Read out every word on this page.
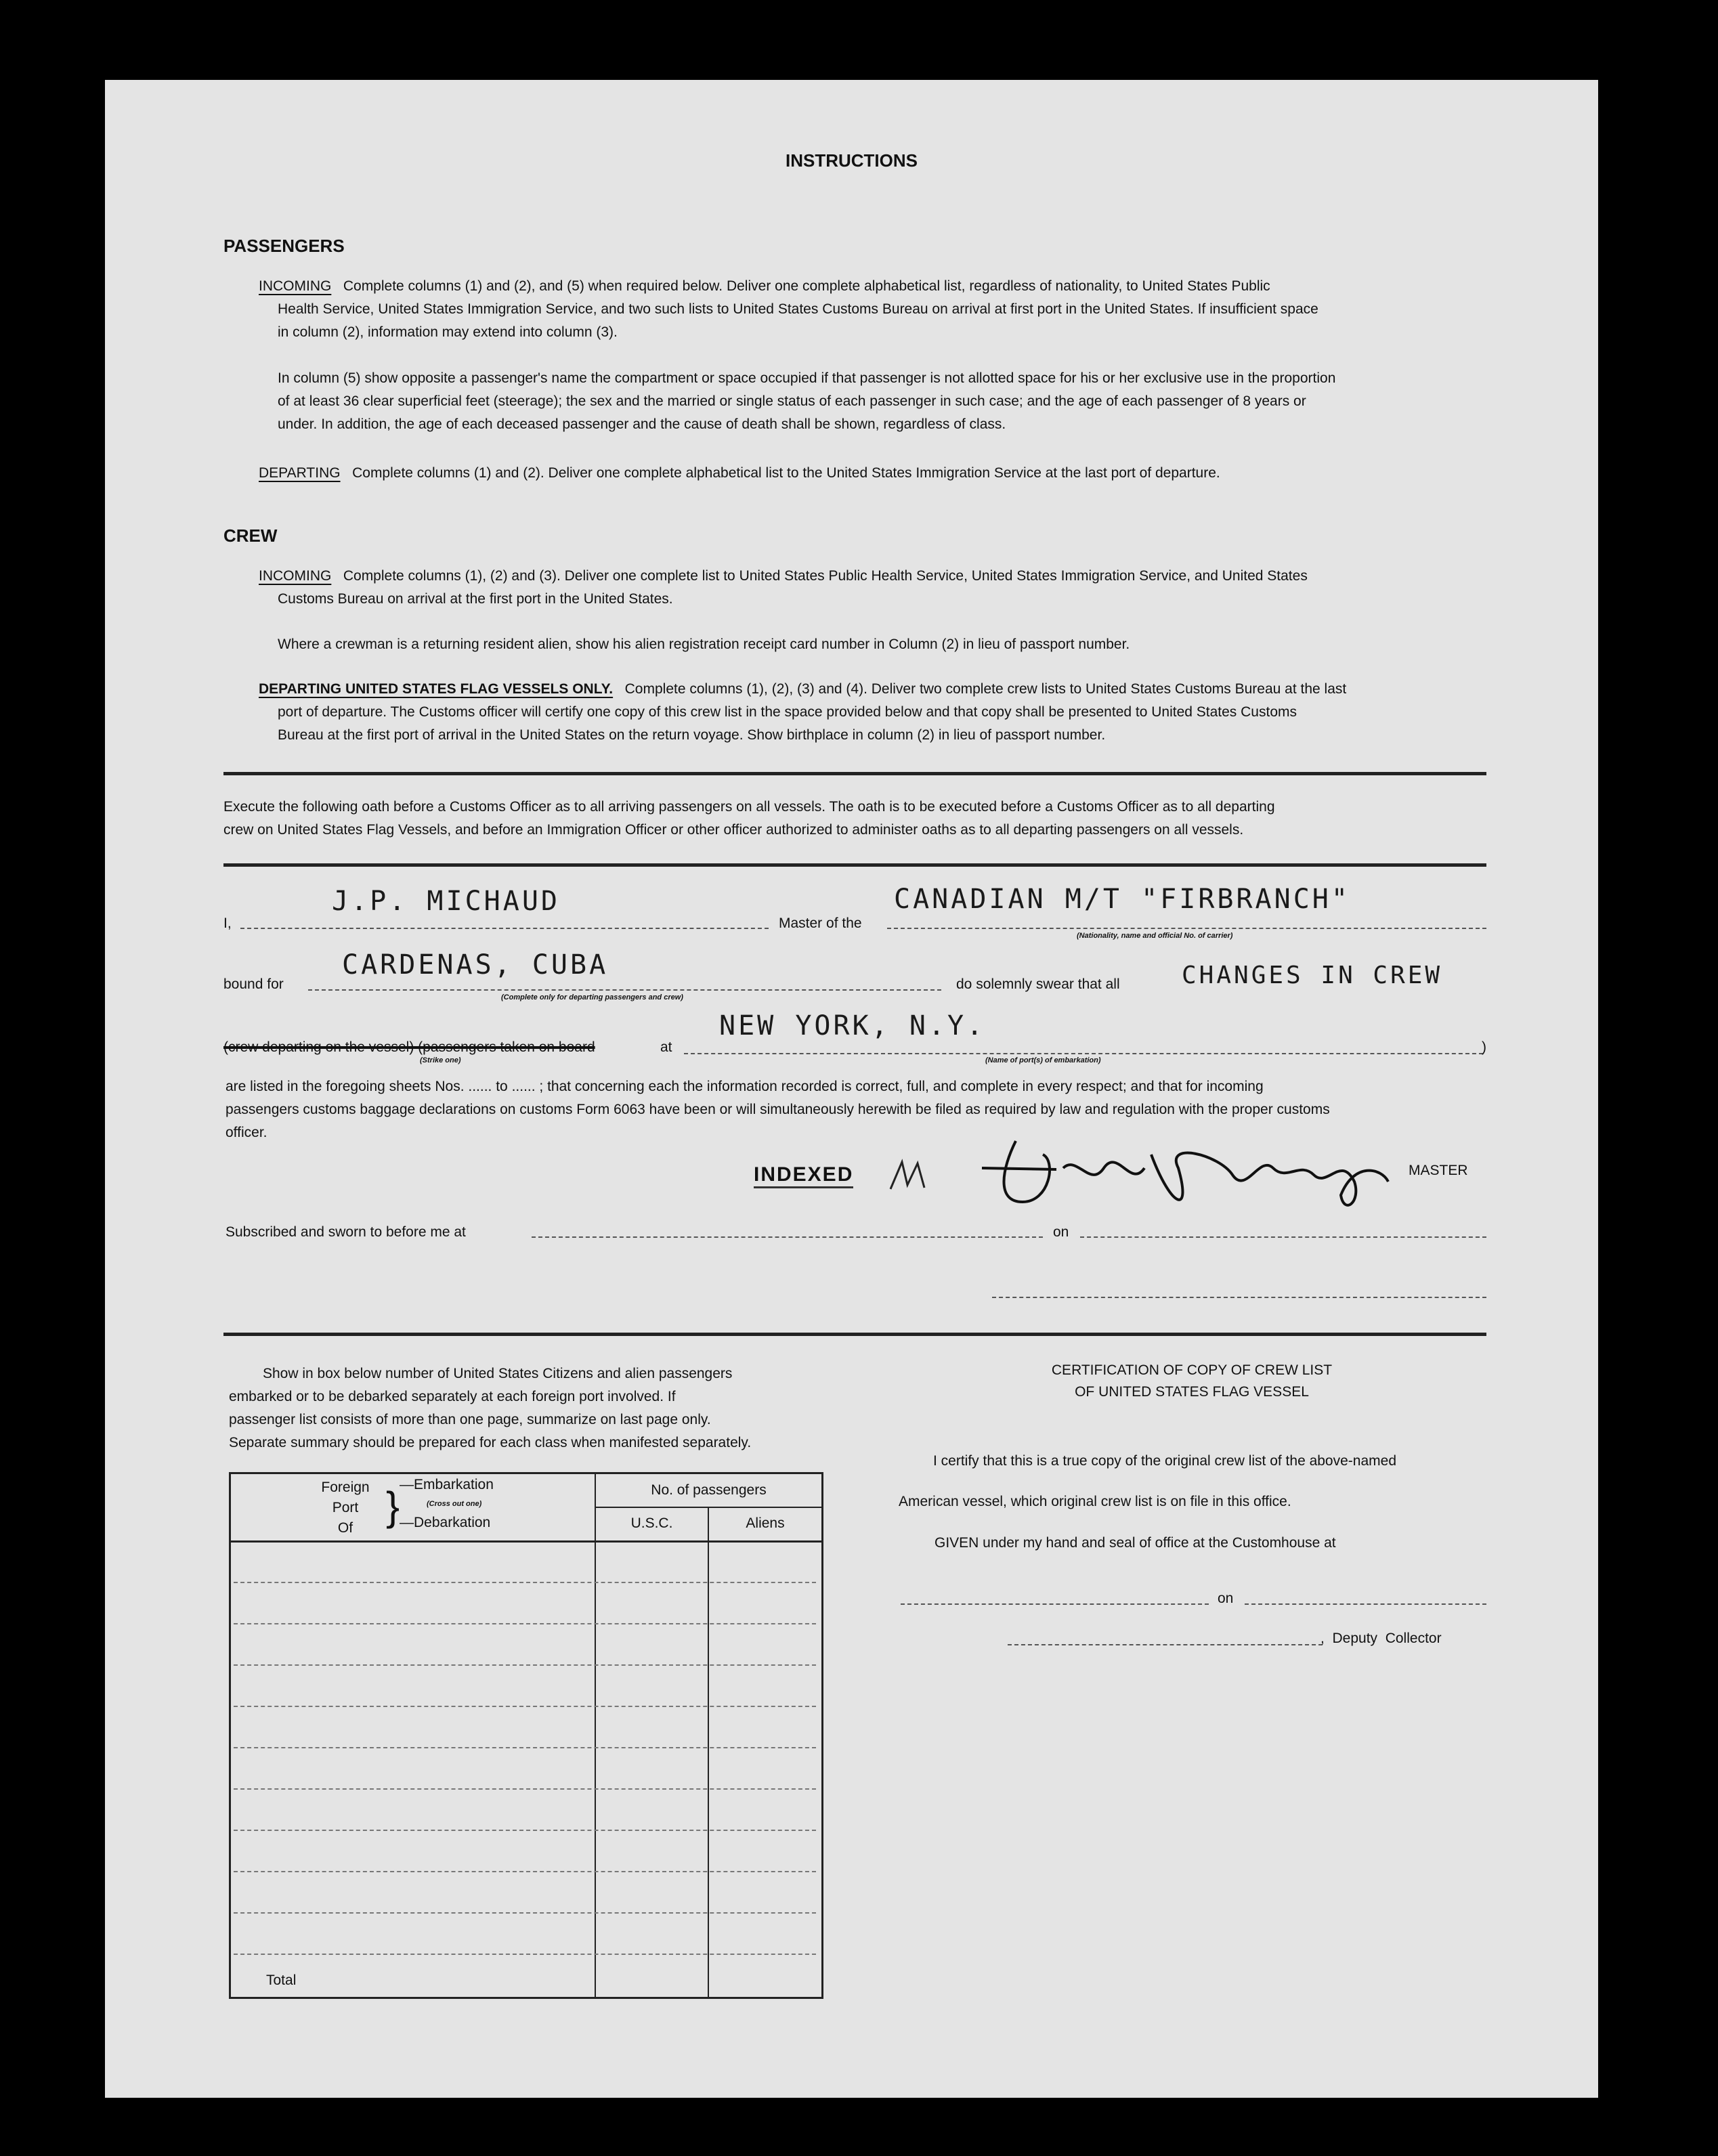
INSTRUCTIONS
PASSENGERS
INCOMING Complete columns (1) and (2), and (5) when required below. Deliver one complete alphabetical list, regardless of nationality, to United States Public
Health Service, United States Immigration Service, and two such lists to United States Customs Bureau on arrival at first port in the United States. If insufficient space
in column (2), information may extend into column (3).
In column (5) show opposite a passenger's name the compartment or space occupied if that passenger is not allotted space for his or her exclusive use in the proportion
of at least 36 clear superficial feet (steerage); the sex and the married or single status of each passenger in such case; and the age of each passenger of 8 years or
under. In addition, the age of each deceased passenger and the cause of death shall be shown, regardless of class.
DEPARTING Complete columns (1) and (2). Deliver one complete alphabetical list to the United States Immigration Service at the last port of departure.
CREW
INCOMING Complete columns (1), (2) and (3). Deliver one complete list to United States Public Health Service, United States Immigration Service, and United States
Customs Bureau on arrival at the first port in the United States.
Where a crewman is a returning resident alien, show his alien registration receipt card number in Column (2) in lieu of passport number.
DEPARTING UNITED STATES FLAG VESSELS ONLY. Complete columns (1), (2), (3) and (4). Deliver two complete crew lists to United States Customs Bureau at the last
port of departure. The Customs officer will certify one copy of this crew list in the space provided below and that copy shall be presented to United States Customs
Bureau at the first port of arrival in the United States on the return voyage. Show birthplace in column (2) in lieu of passport number.
Execute the following oath before a Customs Officer as to all arriving passengers on all vessels. The oath is to be executed before a Customs Officer as to all departing
crew on United States Flag Vessels, and before an Immigration Officer or other officer authorized to administer oaths as to all departing passengers on all vessels.
I,
J.P. MICHAUD
Master of the
CANADIAN M/T "FIRBRANCH"
(Nationality, name and official No. of carrier)
bound for
CARDENAS, CUBA
(Complete only for departing passengers and crew)
do solemnly swear that all	CHANGES IN CREW
(crew departing on the vessel) (passengers taken on board	at
NEW YORK, N.Y.
(Strike one)	(Name of port(s) of embarkation)
)
are listed in the foregoing sheets Nos. ...... to ...... ; that concerning each the information recorded is correct, full, and complete in every respect; and that for incoming
passengers customs baggage declarations on customs Form 6063 have been or will simultaneously herewith be filed as required by law and regulation with the proper customs
officer.
INDEXED	MASTER
Subscribed and sworn to before me at	on
Show in box below number of United States Citizens and alien passengers
embarked or to be debarked separately at each foreign port involved. If
passenger list consists of more than one page, summarize on last page only.
Separate summary should be prepared for each class when manifested separately.
Foreign
Port
Of } —Embarkation
(Cross out one)
—Debarkation
No. of passengers
U.S.C.	Aliens
Total
CERTIFICATION OF COPY OF CREW LIST
OF UNITED STATES FLAG VESSEL
I certify that this is a true copy of the original crew list of the above-named
American vessel, which original crew list is on file in this office.
GIVEN under my hand and seal of office at the Customhouse at
on
,  Deputy  Collector
